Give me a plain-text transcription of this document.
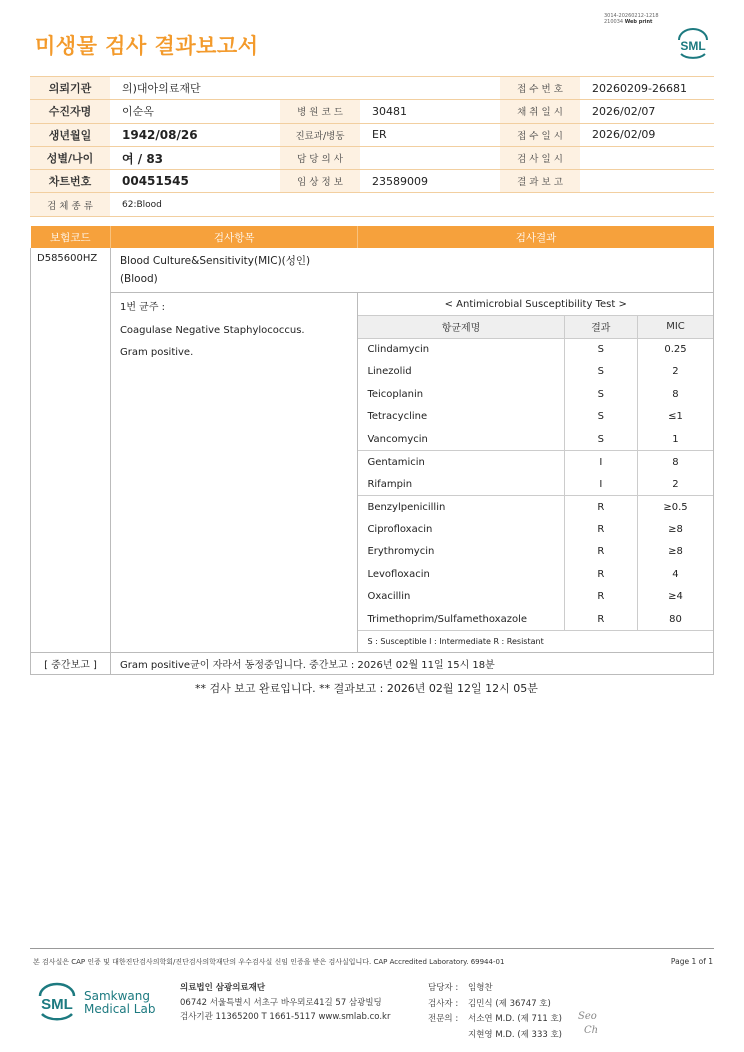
미생물 검사 결과보고서
3014-20260212-1218
210034 Web print
SML
의뢰기관	의)대아의료재단			접 수 번 호	20260209-26681
수진자명	이순옥	병 원 코 드	30481	채 취 일 시	2026/02/07
생년월일	1942/08/26	진료과/병동	ER	접 수 일 시	2026/02/09
성별/나이	여 / 83	담 당 의 사		검 사 일 시	
차트번호	00451545	임 상 정 보	23589009	결 과 보 고	
검 체 종 류	62:Blood				
보험코드	검사항목	검사결과
D585600HZ	Blood Culture&Sensitivity(MIC)(성인)
(Blood)

1번 균주 :
Coagulase Negative Staphylococcus.
Gram positive.

< Antimicrobial Susceptibility Test >
항균제명	결과	MIC
Clindamycin	S	0.25
Linezolid	S	2
Teicoplanin	S	8
Tetracycline	S	≤1
Vancomycin	S	1
Gentamicin	I	8
Rifampin	I	2
Benzylpenicillin	R	≥0.5
Ciprofloxacin	R	≥8
Erythromycin	R	≥8
Levofloxacin	R	4
Oxacillin	R	≥4
Trimethoprim/Sulfamethoxazole	R	80
S : Susceptible I : Intermediate R : Resistant

[ 중간보고 ]	Gram positive균이 자라서 동정중입니다. 중간보고 : 2026년 02월 11일 15시 18분
** 검사 보고 완료입니다. ** 결과보고 : 2026년 02월 12일 12시 05분
본 검사실은 CAP 인증 및 대한진단검사의학회/진단검사의학재단의 우수검사실 신임 인증을 받은 검사실입니다. CAP Accredited Laboratory. 69944-01	Page 1 of 1
SML Samkwang
Medical Lab
의료법인 삼광의료재단
06742 서울특별시 서초구 바우뫼로41길 57 삼광빌딩
검사기관 11365200 T 1661-5117 www.smlab.co.kr
담당자 : 임형찬
검사자 : 김민식 (제 36747 호)
전문의 : 서소연 M.D. (제 711 호)
지현영 M.D. (제 333 호)
Seo
Ch
